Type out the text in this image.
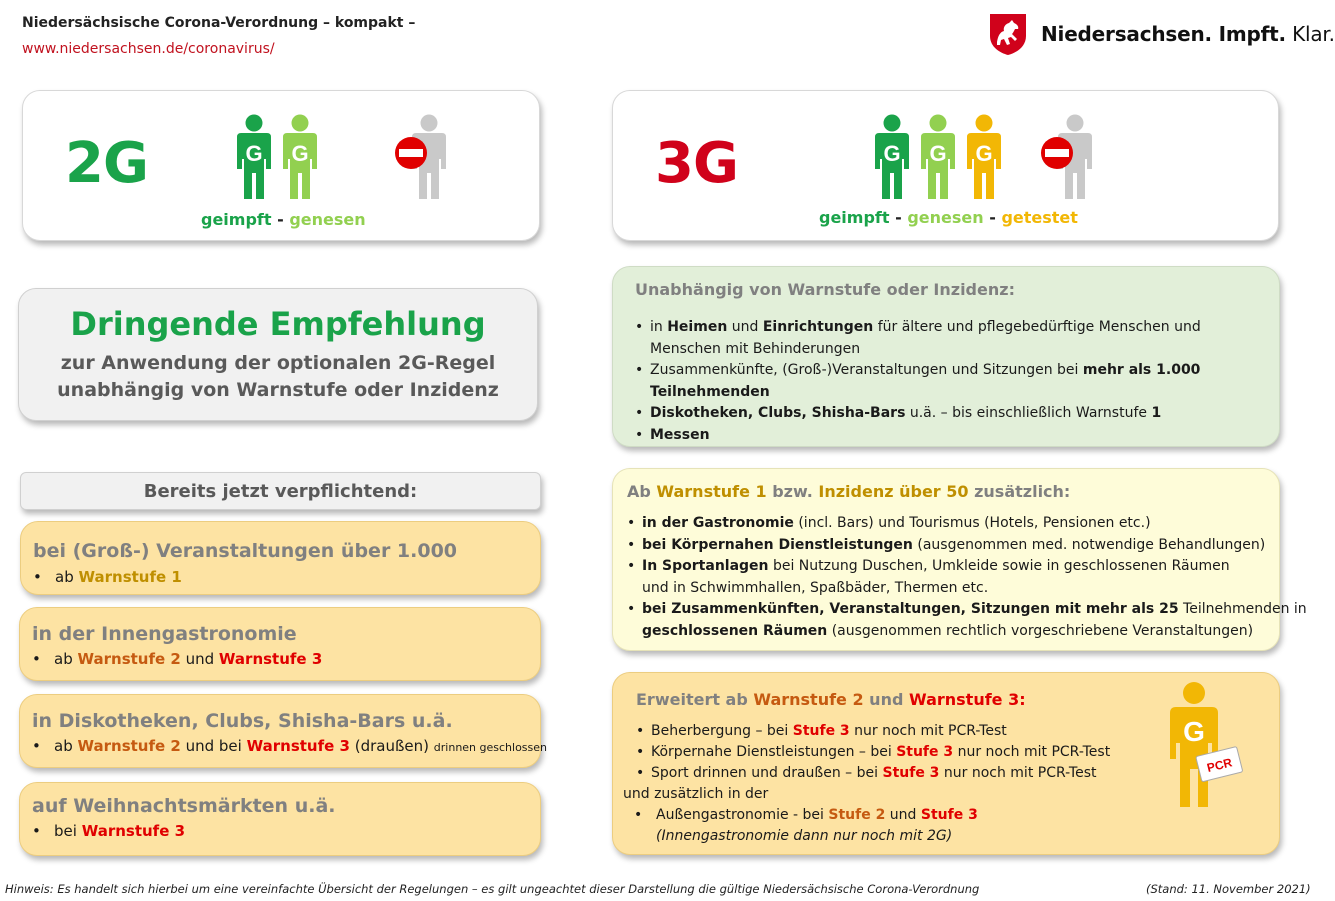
Niedersächsische Corona-Verordnung – kompakt –
www.niedersachsen.de/coronavirus/
Niedersachsen. Impft. Klar.
2G	G G
geimpft - genesen
3G	G G G
geimpft - genesen - getestet
Dringende Empfehlung
zur Anwendung der optionalen 2G-Regel
unabhängig von Warnstufe oder Inzidenz
Bereits jetzt verpflichtend:
bei (Groß-) Veranstaltungen über 1.000
• ab Warnstufe 1
in der Innengastronomie
• ab Warnstufe 2 und Warnstufe 3
in Diskotheken, Clubs, Shisha-Bars u.ä.
• ab Warnstufe 2 und bei Warnstufe 3 (draußen) drinnen geschlossen
auf Weihnachtsmärkten u.ä.
• bei Warnstufe 3
Unabhängig von Warnstufe oder Inzidenz:
• in Heimen und Einrichtungen für ältere und pflegebedürftige Menschen und
Menschen mit Behinderungen
• Zusammenkünfte, (Groß-)Veranstaltungen und Sitzungen bei mehr als 1.000
Teilnehmenden
• Diskotheken, Clubs, Shisha-Bars u.ä. – bis einschließlich Warnstufe 1
• Messen
Ab Warnstufe 1 bzw. Inzidenz über 50 zusätzlich:
• in der Gastronomie (incl. Bars) und Tourismus (Hotels, Pensionen etc.)
• bei Körpernahen Dienstleistungen (ausgenommen med. notwendige Behandlungen)
• In Sportanlagen bei Nutzung Duschen, Umkleide sowie in geschlossenen Räumen
und in Schwimmhallen, Spaßbäder, Thermen etc.
• bei Zusammenkünften, Veranstaltungen, Sitzungen mit mehr als 25 Teilnehmenden in
geschlossenen Räumen (ausgenommen rechtlich vorgeschriebene Veranstaltungen)
Erweitert ab Warnstufe 2 und Warnstufe 3:
• Beherbergung – bei Stufe 3 nur noch mit PCR-Test
• Körpernahe Dienstleistungen – bei Stufe 3 nur noch mit PCR-Test
• Sport drinnen und draußen – bei Stufe 3 nur noch mit PCR-Test
und zusätzlich in der
• Außengastronomie - bei Stufe 2 und Stufe 3
(Innengastronomie dann nur noch mit 2G)
G
PCR
Hinweis: Es handelt sich hierbei um eine vereinfachte Übersicht der Regelungen – es gilt ungeachtet dieser Darstellung die gültige Niedersächsische Corona-Verordnung	(Stand: 11. November 2021)
